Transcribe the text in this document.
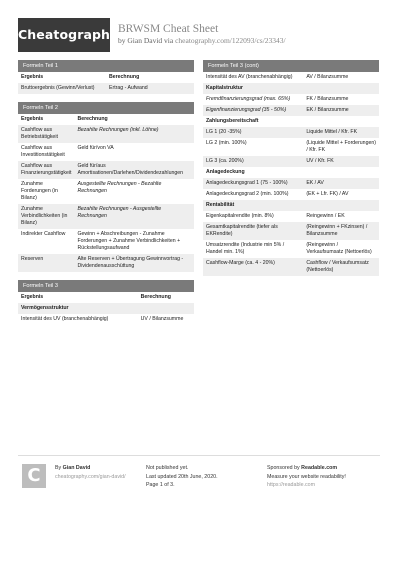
Cheatography BRWSM Cheat Sheet
by Gian David via cheatography.com/122093/cs/23343/
Formeln Teil 1
Ergebnis	Berechnung
Bruttoergebnis (Gewinn/Verlust)	Ertrag - Aufwand
Formeln Teil 2
Ergebnis	Berechnung
Cashflow aus Betriebstätigkeit	Bezahlte Rechnungen (inkl. Löhne)
Cashflow aus Investitionstätigkeit	Geld für/von VA
Cashflow aus Finanzierungstätigkeit	Geld für/aus Amortisationen/Darlehen/Dividendezahlungen
Zunahme Forderungen (in Bilanz)	Ausgestellte Rechnungen - Bezahlte Rechnungen
Zunahme Verbindlichkeiten (in Bilanz)	Bezahlte Rechnungen - Ausgestellte Rechnungen
Indirekter Cashflow	Gewinn + Abschreibungen - Zunahme Forderungen + Zunahme Verbindlichkeiten + Rückstellungsaufwand
Reserven	Alte Reserven + Übertragung Gewinnvortrag - Dividendenausschüttung
Formeln Teil 3
Ergebnis	Berechnung
Vermögensstruktur	
Intensität des UV (branchenabhängig)	UV / Bilanzsumme
Formeln Teil 3 (cont)
Intensität des AV (branchenabhängig)	AV / Bilanzsumme
Kapitalstruktur	
Fremdfinanzierungsgrad (max. 65%)	FK / Bilanzsumme
Eigenfinanzierungsgrad (35 - 50%)	EK / Bilanzsumme
Zahlungsbereitschaft	
LG 1 (20 -35%)	Liquide Mittel / Kfr. FK
LG 2 (min. 100%)	(Liquide Mittel + Forderungen) / Kfr. FK
LG 3 (ca. 200%)	UV / Kfr. FK
Anlagedeckung	
Anlagedeckungsgrad 1 (75 - 100%)	EK / AV
Anlagedeckungsgrad 2 (min. 100%)	(EK + Lfr. FK) / AV
Rentabilität	
Eigenkapitalrendite (min. 8%)	Reingewinn / EK
Gesamtkapitalrendite (tiefer als EKRendite)	(Reingewinn + FKzinsen) / Bilanzsumme
Umsatzrendite (Industrie min 5% / Handel min. 1%)	(Reingewinn / Verkaufsumsatz (Nettoerlös)
Cashflow-Marge (ca. 4 - 20%)	Cashflow / Verkaufsumsatz (Nettoerlös)
C	By Gian David
cheatography.com/gian-david/
Not published yet.
Last updated 20th June, 2020.
Page 1 of 3.
Sponsored by Readable.com
Measure your website readability!
https://readable.com
